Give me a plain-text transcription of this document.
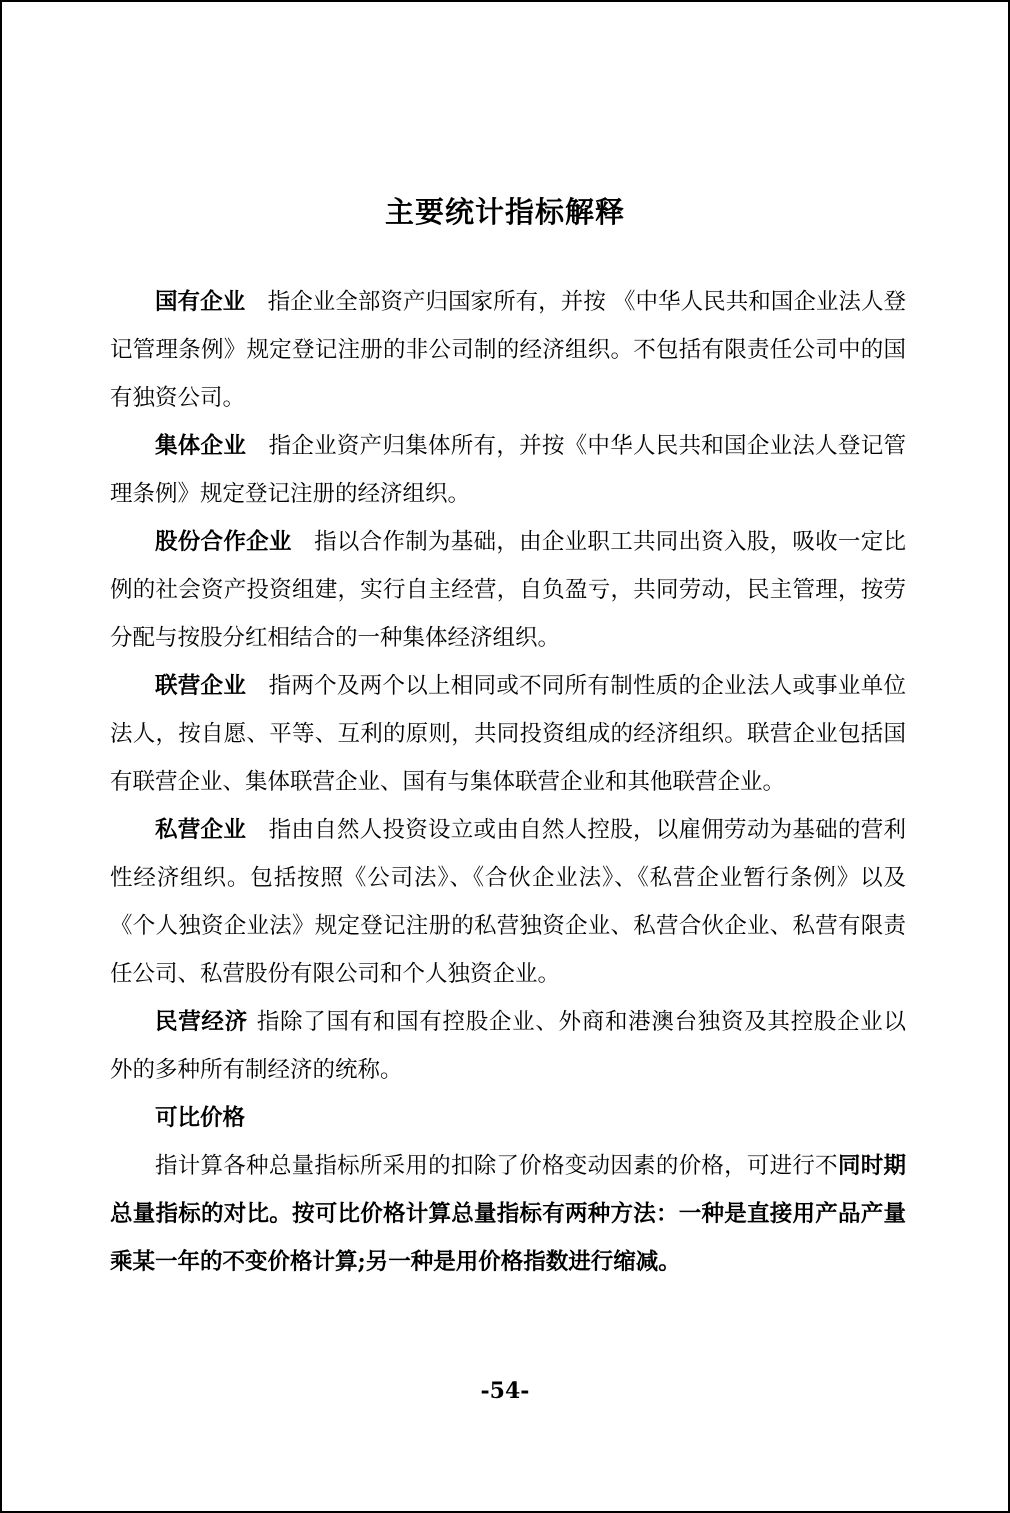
主要统计指标解释

国有企业 指企业全部资产归国家所有，并按 《中华人民共和国企业法人登记管理条例》规定登记注册的非公司制的经济组织。不包括有限责任公司中的国有独资公司。

集体企业 指企业资产归集体所有，并按《中华人民共和国企业法人登记管理条例》规定登记注册的经济组织。

股份合作企业 指以合作制为基础，由企业职工共同出资入股，吸收一定比例的社会资产投资组建，实行自主经营，自负盈亏，共同劳动，民主管理，按劳分配与按股分红相结合的一种集体经济组织。

联营企业 指两个及两个以上相同或不同所有制性质的企业法人或事业单位法人，按自愿、平等、互利的原则，共同投资组成的经济组织。联营企业包括国有联营企业、集体联营企业、国有与集体联营企业和其他联营企业。

私营企业 指由自然人投资设立或由自然人控股，以雇佣劳动为基础的营利性经济组织。包括按照《公司法》、《合伙企业法》、《私营企业暂行条例》以及《个人独资企业法》规定登记注册的私营独资企业、私营合伙企业、私营有限责任公司、私营股份有限公司和个人独资企业。

民营经济 指除了国有和国有控股企业、外商和港澳台独资及其控股企业以外的多种所有制经济的统称。

可比价格

指计算各种总量指标所采用的扣除了价格变动因素的价格，可进行不同时期总量指标的对比。按可比价格计算总量指标有两种方法：一种是直接用产品产量乘某一年的不变价格计算;另一种是用价格指数进行缩减。

-54-
